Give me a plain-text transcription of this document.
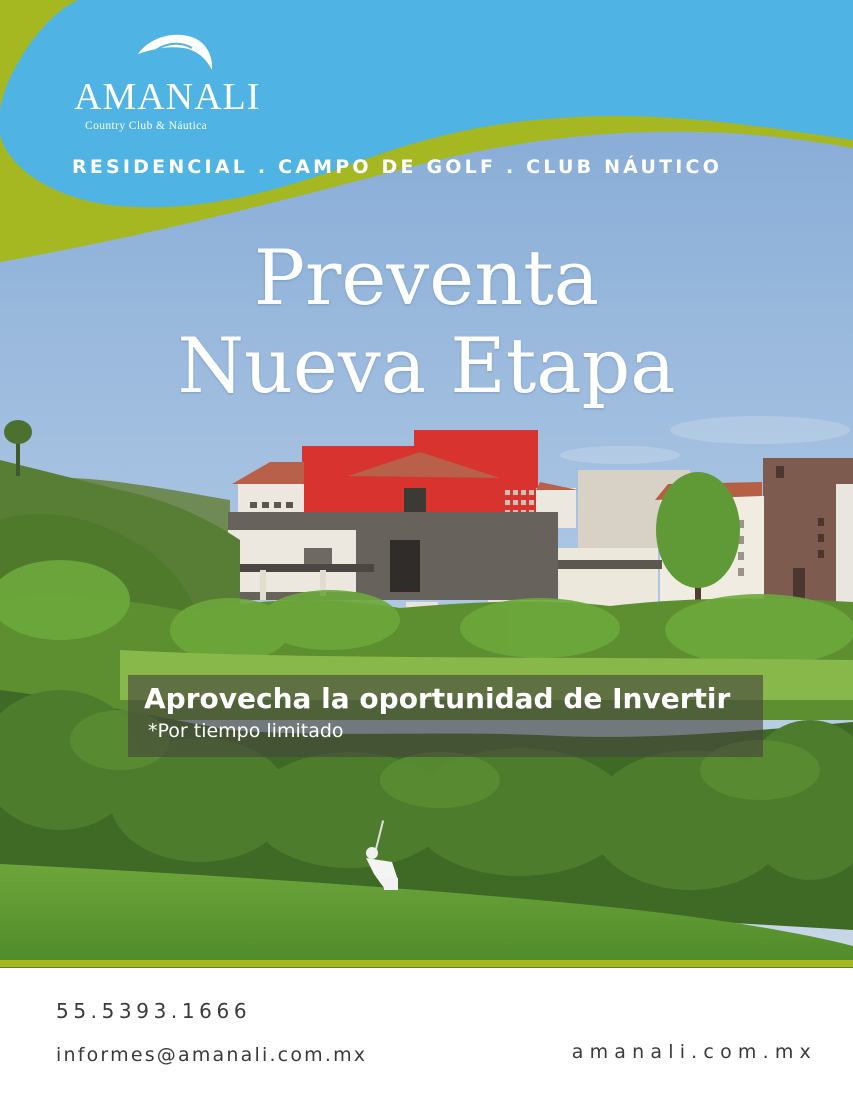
AMANALI
Country Club & Náutica
RESIDENCIAL . CAMPO DE GOLF . CLUB NÁUTICO
Preventa
Nueva Etapa
Aprovecha la oportunidad de Invertir
*Por tiempo limitado
55.5393.1666
informes@amanali.com.mx	amanali.com.mx
